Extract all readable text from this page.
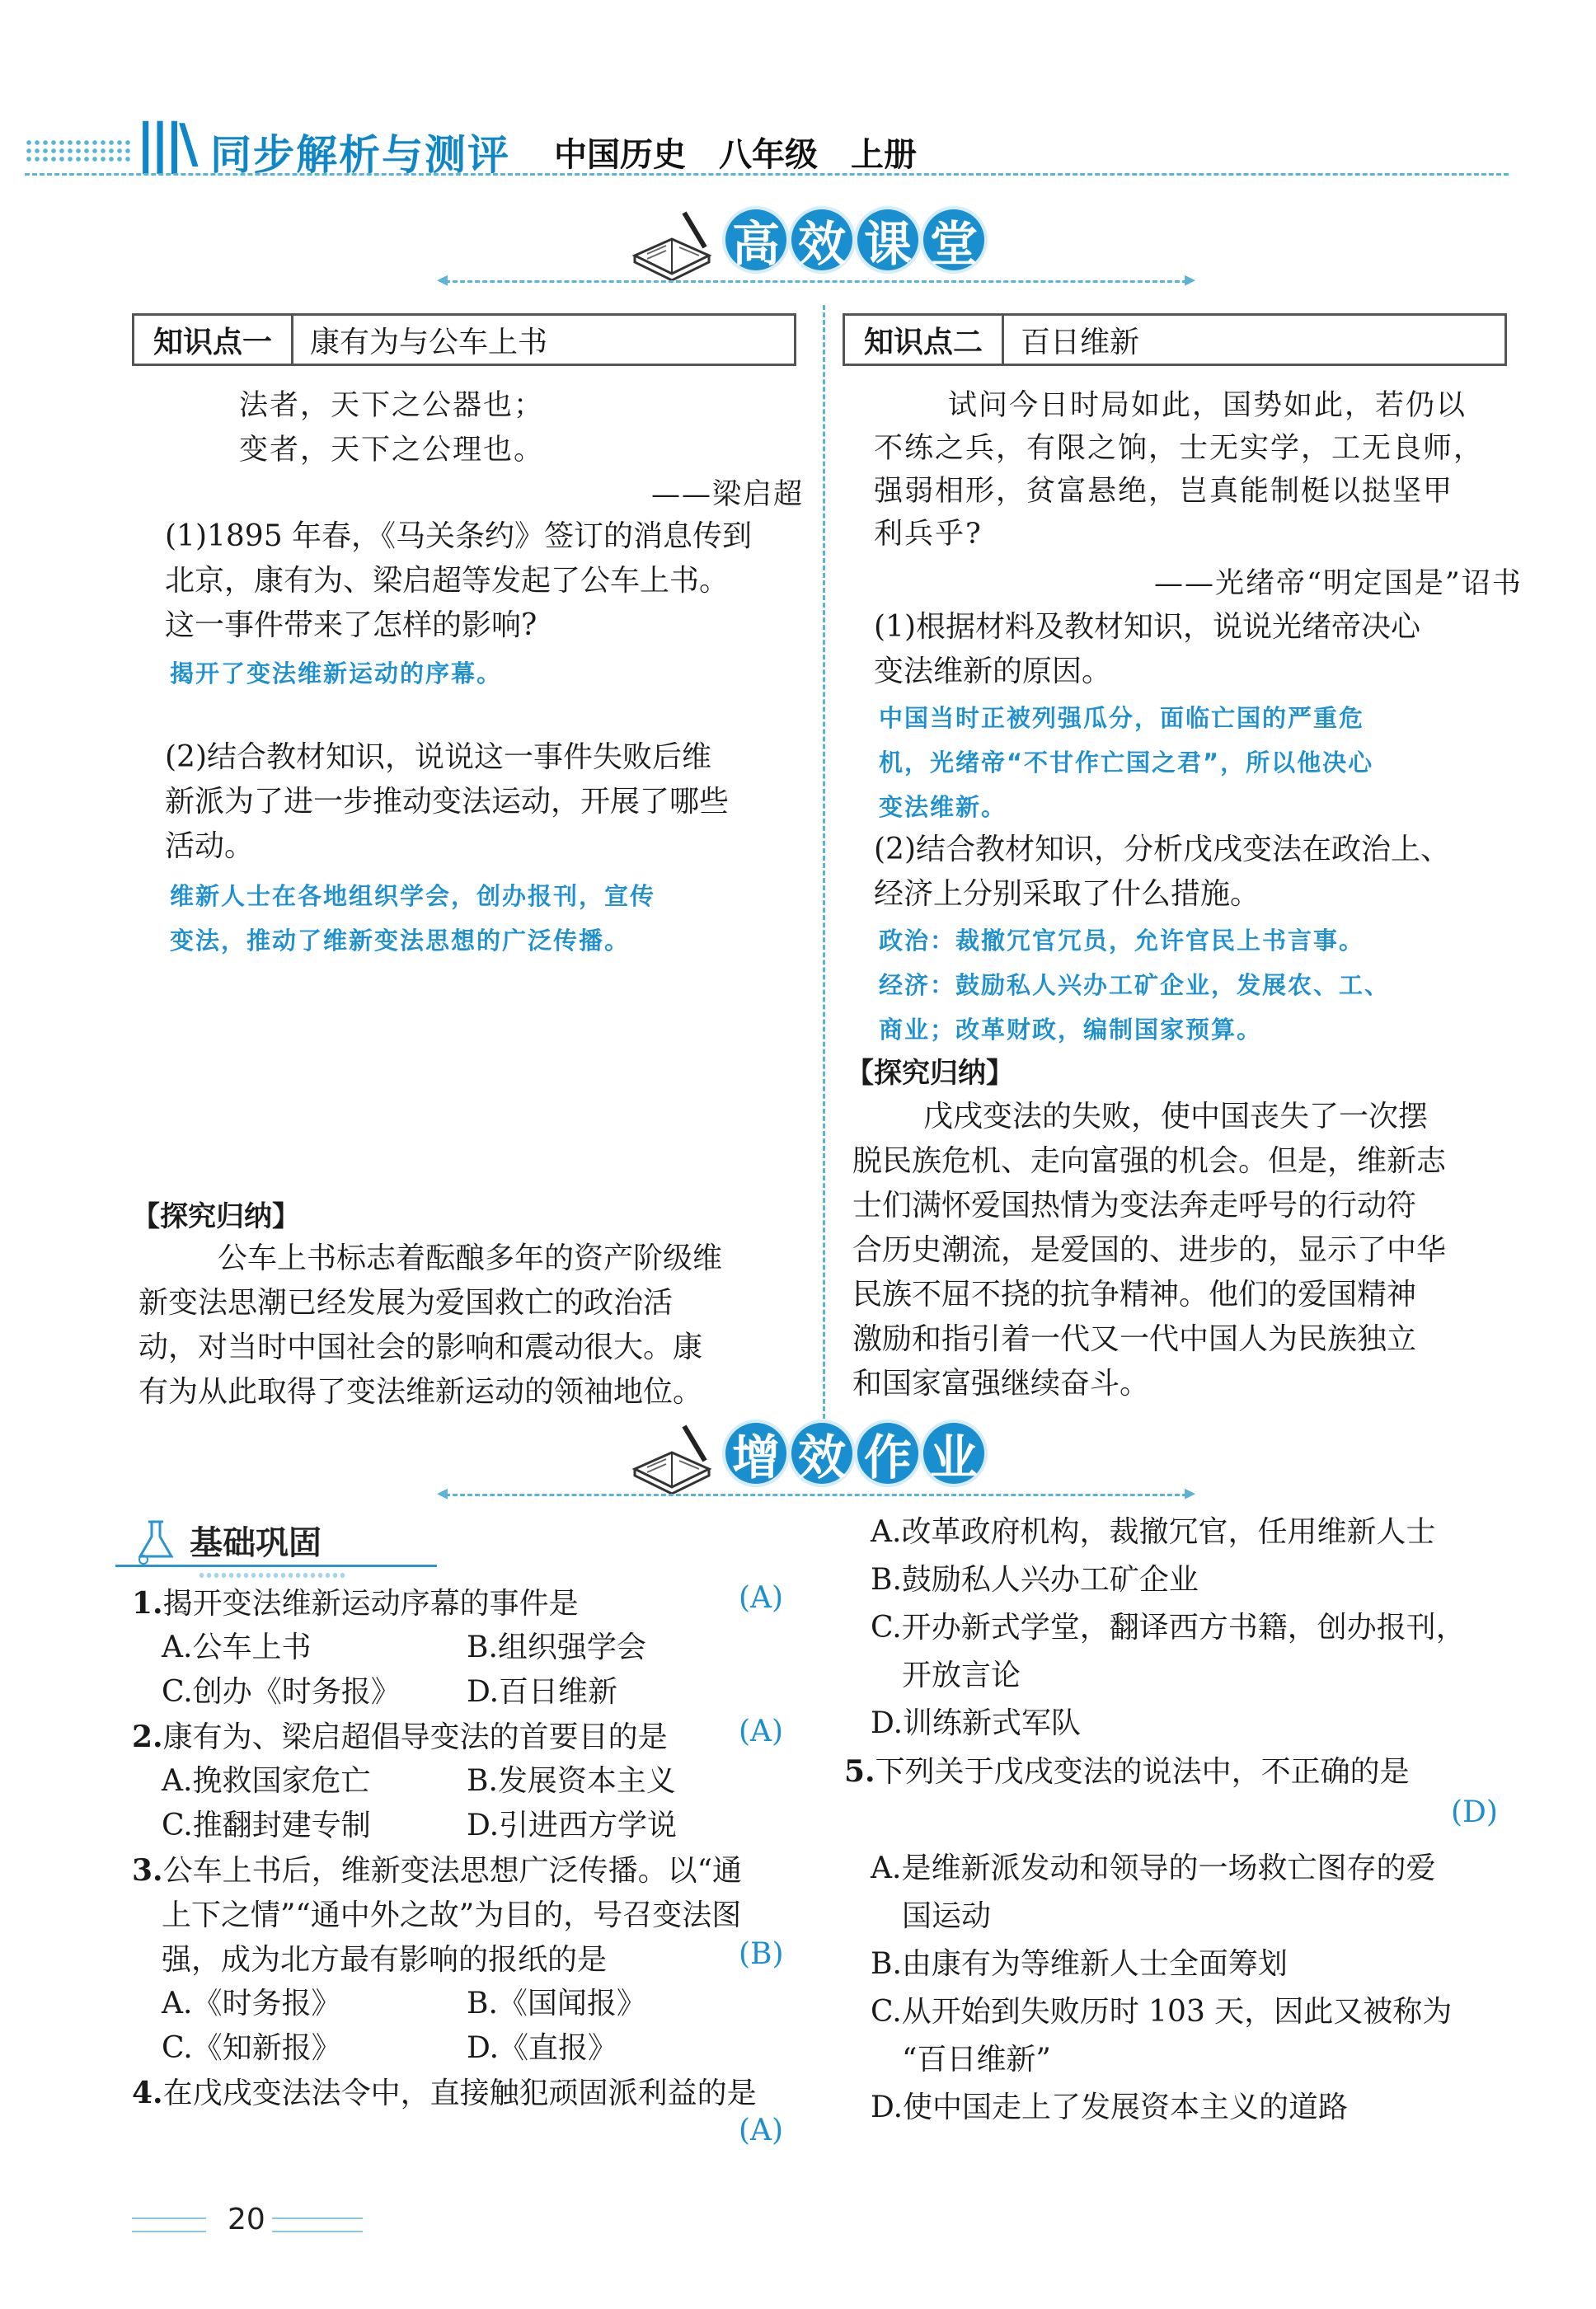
|||\ 同步解析与测评 中国历史　八年级　上册
高 效 课 堂
◂ ▸
知识点一	康有为与公车上书	知识点二	百日维新
法者，天下之公器也；
变者，天下之公理也。
——梁启超
(1)1895 年春，《马关条约》签订的消息传到
北京，康有为、梁启超等发起了公车上书。
这一事件带来了怎样的影响?
揭开了变法维新运动的序幕。
(2)结合教材知识，说说这一事件失败后维
新派为了进一步推动变法运动，开展了哪些
活动。
维新人士在各地组织学会，创办报刊，宣传
变法，推动了维新变法思想的广泛传播。
【探究归纳】
公车上书标志着酝酿多年的资产阶级维
新变法思潮已经发展为爱国救亡的政治活
动，对当时中国社会的影响和震动很大。康
有为从此取得了变法维新运动的领袖地位。
试问今日时局如此，国势如此，若仍以
不练之兵，有限之饷，士无实学，工无良师，
强弱相形，贫富悬绝，岂真能制梃以挞坚甲
利兵乎?
——光绪帝“明定国是”诏书
(1)根据材料及教材知识，说说光绪帝决心
变法维新的原因。
中国当时正被列强瓜分，面临亡国的严重危
机，光绪帝“不甘作亡国之君”，所以他决心
变法维新。
(2)结合教材知识，分析戊戌变法在政治上、
经济上分别采取了什么措施。
政治：裁撤冗官冗员，允许官民上书言事。
经济：鼓励私人兴办工矿企业，发展农、工、
商业；改革财政，编制国家预算。
【探究归纳】
戊戌变法的失败，使中国丧失了一次摆
脱民族危机、走向富强的机会。但是，维新志
士们满怀爱国热情为变法奔走呼号的行动符
合历史潮流，是爱国的、进步的，显示了中华
民族不屈不挠的抗争精神。他们的爱国精神
激励和指引着一代又一代中国人为民族独立
和国家富强继续奋斗。
增 效 作 业
◂ ▸
基础巩固
1.揭开变法维新运动序幕的事件是	(A)
A.公车上书	B.组织强学会
C.创办《时务报》 D.百日维新
2.康有为、梁启超倡导变法的首要目的是 (A)
A.挽救国家危亡	B.发展资本主义
C.推翻封建专制	D.引进西方学说
3.公车上书后，维新变法思想广泛传播。以“通
上下之情”“通中外之故”为目的，号召变法图
强，成为北方最有影响的报纸的是	(B)
A.《时务报》	B.《国闻报》
C.《知新报》	D.《直报》
4.在戊戌变法法令中，直接触犯顽固派利益的是
(A)
A.改革政府机构，裁撤冗官，任用维新人士
B.鼓励私人兴办工矿企业
C.开办新式学堂，翻译西方书籍，创办报刊，
开放言论
D.训练新式军队
5.下列关于戊戌变法的说法中，不正确的是
(D)
A.是维新派发动和领导的一场救亡图存的爱
国运动
B.由康有为等维新人士全面筹划
C.从开始到失败历时 103 天，因此又被称为
“百日维新”
D.使中国走上了发展资本主义的道路
20
